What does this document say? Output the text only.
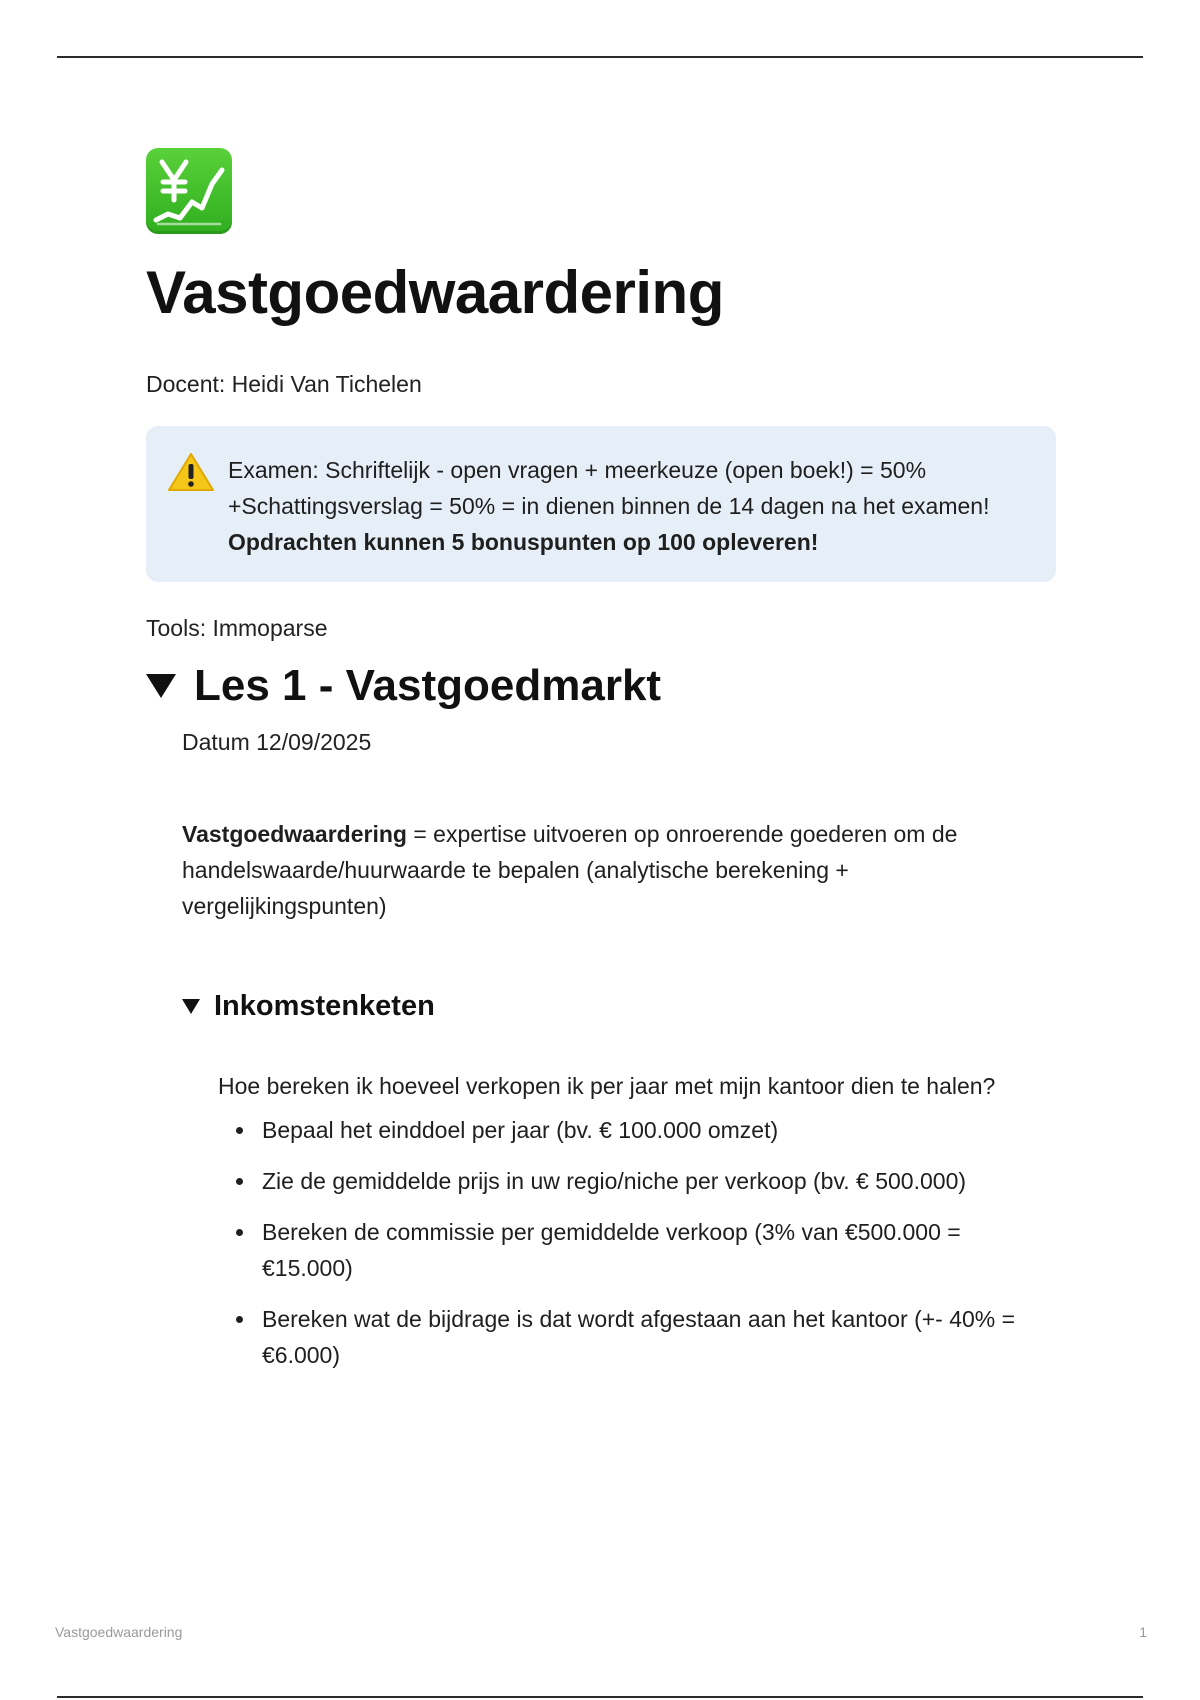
Vastgoedwaardering
Docent: Heidi Van Tichelen
Examen: Schriftelijk - open vragen + meerkeuze (open boek!) = 50% +Schattingsverslag = 50% = in dienen binnen de 14 dagen na het examen!
Opdrachten kunnen 5 bonuspunten op 100 opleveren!
Tools: Immoparse
Les 1 - Vastgoedmarkt
Datum 12/09/2025
Vastgoedwaardering = expertise uitvoeren op onroerende goederen om de handelswaarde/huurwaarde te bepalen (analytische berekening + vergelijkingspunten)
Inkomstenketen
Hoe bereken ik hoeveel verkopen ik per jaar met mijn kantoor dien te halen?
Bepaal het einddoel per jaar (bv. € 100.000 omzet)
Zie de gemiddelde prijs in uw regio/niche per verkoop (bv. € 500.000)
Bereken de commissie per gemiddelde verkoop (3% van €500.000 = €15.000)
Bereken wat de bijdrage is dat wordt afgestaan aan het kantoor (+- 40% = €6.000)
Vastgoedwaardering	1
